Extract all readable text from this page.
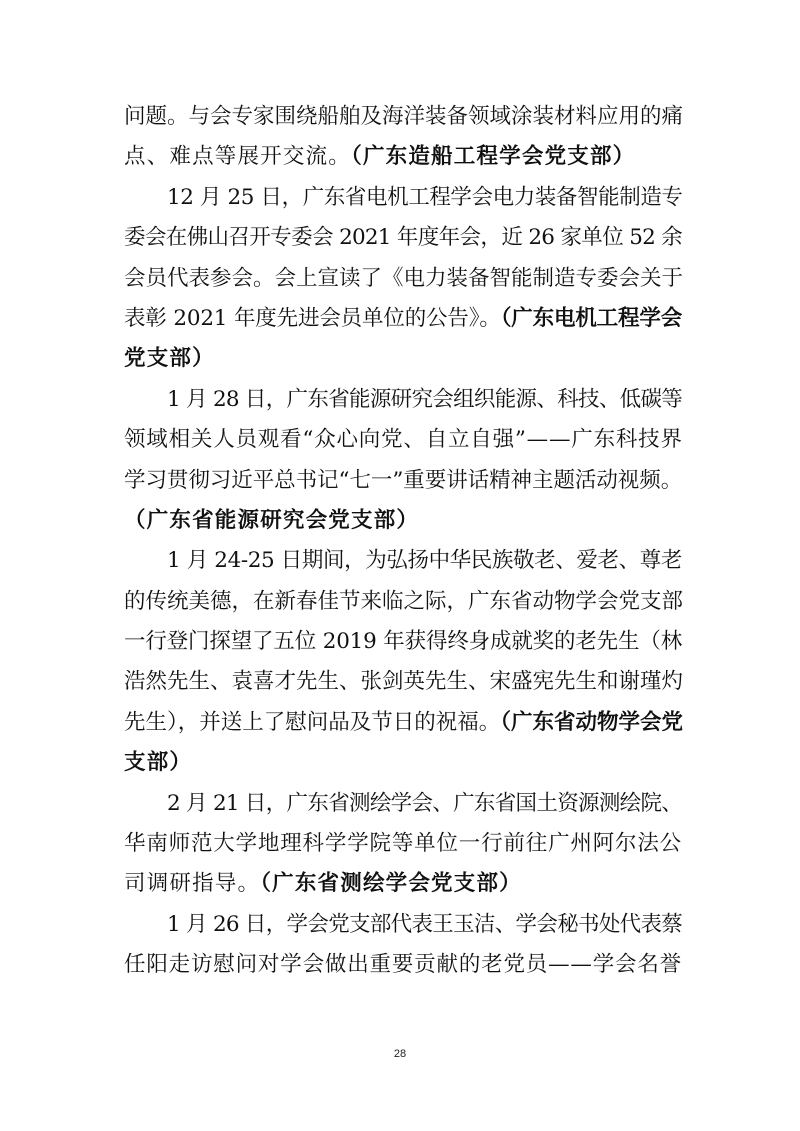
问题。与会专家围绕船舶及海洋装备领域涂装材料应用的痛
点、难点等展开交流。（广东造船工程学会党支部）
12 月 25 日，广东省电机工程学会电力装备智能制造专
委会在佛山召开专委会 2021 年度年会，近 26 家单位 52 余
会员代表参会。会上宣读了《电力装备智能制造专委会关于
表彰 2021 年度先进会员单位的公告》。（广东电机工程学会
党支部）
1 月 28 日，广东省能源研究会组织能源、科技、低碳等
领域相关人员观看“众心向党、自立自强”——广东科技界
学习贯彻习近平总书记“七一”重要讲话精神主题活动视频。
（广东省能源研究会党支部）
1 月 24-25 日期间，为弘扬中华民族敬老、爱老、尊老
的传统美德，在新春佳节来临之际，广东省动物学会党支部
一行登门探望了五位 2019 年获得终身成就奖的老先生（林
浩然先生、袁喜才先生、张剑英先生、宋盛宪先生和谢瑾灼
先生），并送上了慰问品及节日的祝福。（广东省动物学会党
支部）
2 月 21 日，广东省测绘学会、广东省国土资源测绘院、
华南师范大学地理科学学院等单位一行前往广州阿尔法公
司调研指导。（广东省测绘学会党支部）
1 月 26 日，学会党支部代表王玉洁、学会秘书处代表蔡
任阳走访慰问对学会做出重要贡献的老党员——学会名誉
28
